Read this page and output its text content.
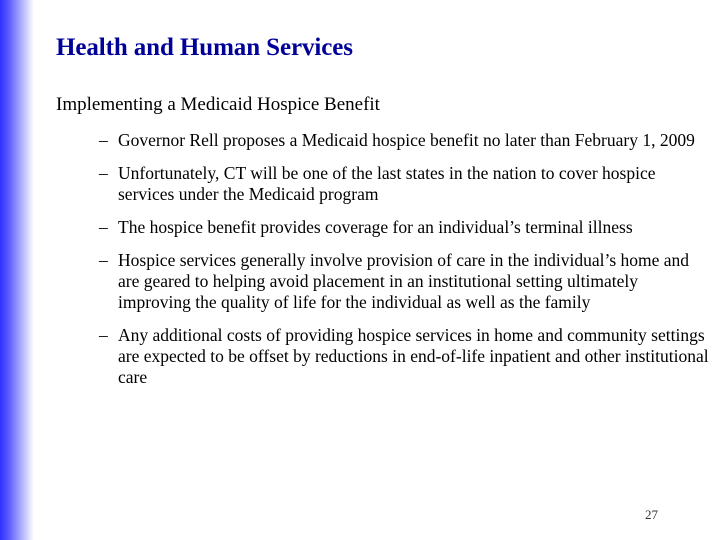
Health and Human Services
Implementing a Medicaid Hospice Benefit
– Governor Rell proposes a Medicaid hospice benefit no later than February 1, 2009
– Unfortunately, CT will be one of the last states in the nation to cover hospice services under the Medicaid program
– The hospice benefit provides coverage for an individual’s terminal illness
– Hospice services generally involve provision of care in the individual’s home and are geared to helping avoid placement in an institutional setting ultimately improving the quality of life for the individual as well as the family
– Any additional costs of providing hospice services in home and community settings are expected to be offset by reductions in end-of-life inpatient and other institutional care
27
